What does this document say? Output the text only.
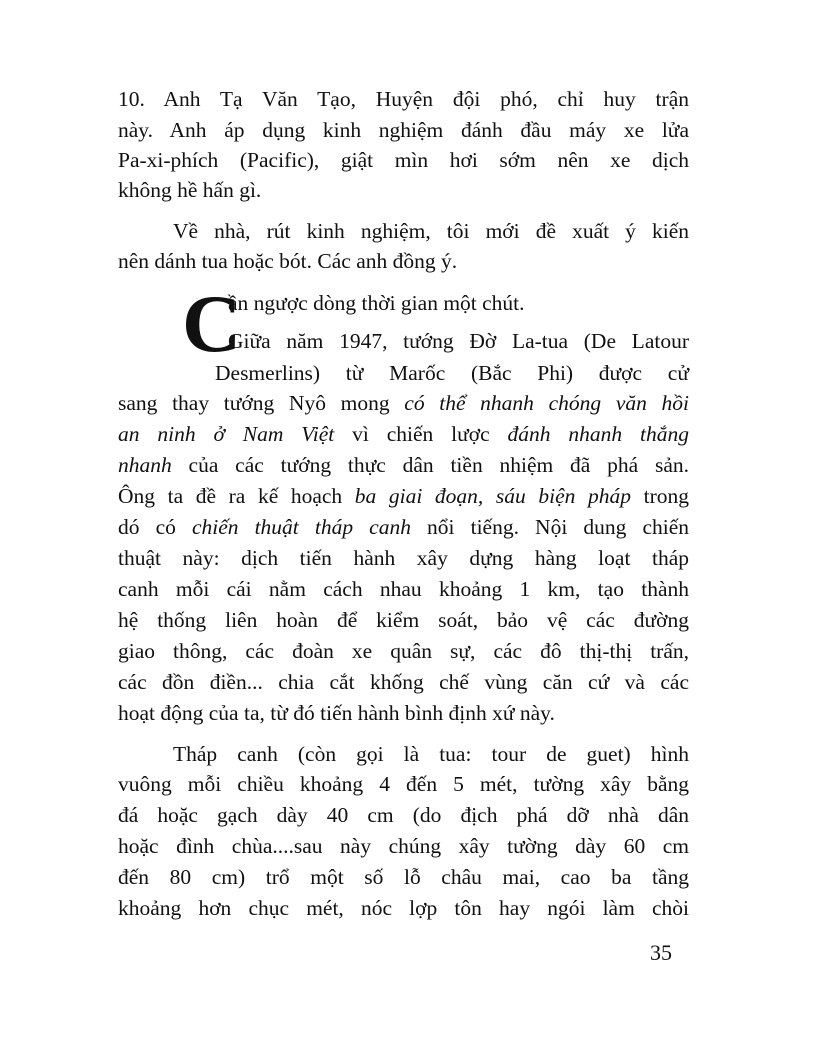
C
10. Anh Tạ Văn Tạo, Huyện đội phó, chỉ huy trận
này. Anh áp dụng kinh nghiệm đánh đầu máy xe lửa
Pa-xi-phích (Pacific), giật mìn hơi sớm nên xe dịch
không hề hấn gì.
Về nhà, rút kinh nghiệm, tôi mới đề xuất ý kiến
nên dánh tua hoặc bót. Các anh đồng ý.
ần ngược dòng thời gian một chút.
Giữa năm 1947, tướng Đờ La-tua (De Latour
Desmerlins) từ Marốc (Bắc Phi) được cử
sang thay tướng Nyô mong có thể nhanh chóng văn hồi
an ninh ở Nam Việt vì chiến lược đánh nhanh thắng
nhanh của các tướng thực dân tiền nhiệm đã phá sản.
Ông ta đề ra kế hoạch ba giai đoạn, sáu biện pháp trong
dó có chiến thuật tháp canh nổi tiếng. Nội dung chiến
thuật này: dịch tiến hành xây dựng hàng loạt tháp
canh mỗi cái nằm cách nhau khoảng 1 km, tạo thành
hệ thống liên hoàn để kiểm soát, bảo vệ các đường
giao thông, các đoàn xe quân sự, các đô thị-thị trấn,
các đồn điền... chia cắt khống chế vùng căn cứ và các
hoạt động của ta, từ đó tiến hành bình định xứ này.
Tháp canh (còn gọi là tua: tour de guet) hình
vuông mỗi chiều khoảng 4 đến 5 mét, tường xây bằng
đá hoặc gạch dày 40 cm (do địch phá dỡ nhà dân
hoặc đình chùa....sau này chúng xây tường dày 60 cm
đến 80 cm) trổ một số lỗ châu mai, cao ba tầng
khoảng hơn chục mét, nóc lợp tôn hay ngói làm chòi
35
